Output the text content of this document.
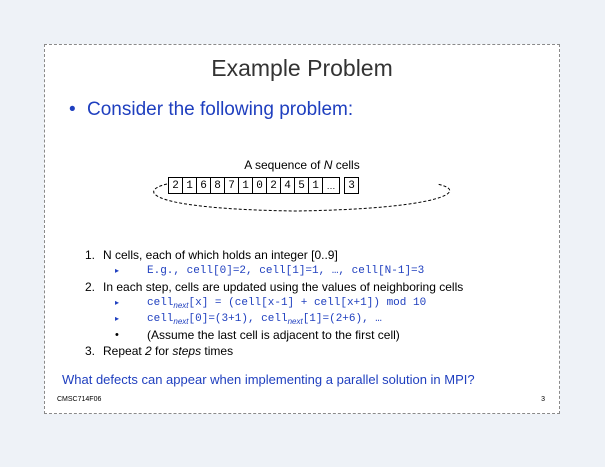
Example Problem
• Consider the following problem:
A sequence of N cells
2 1 6 8 7 1 0 2 4 5 1 …	3
1. N cells, each of which holds an integer [0..9]
▸	E.g., cell[0]=2, cell[1]=1, …, cell[N-1]=3
2. In each step, cells are updated using the values of neighboring cells
▸	cell$_{next}$[x] = (cell[x-1] + cell[x+1]) mod 10
▸	cell$_{next}$[0]=(3+1), cell$_{next}$[1]=(2+6), …
• (Assume the last cell is adjacent to the first cell)
3. Repeat 2 for steps times
What defects can appear when implementing a parallel solution in MPI?
CMSC714F06	3
